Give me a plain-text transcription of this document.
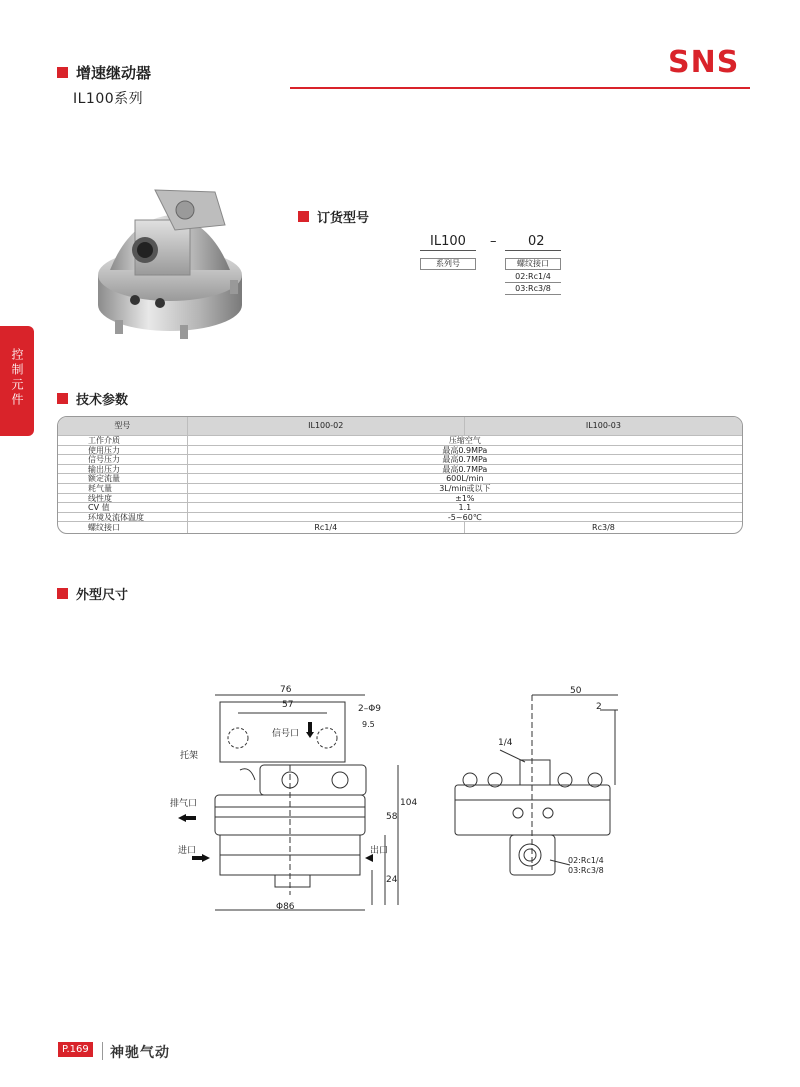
增速继动器
IL100系列
SNS
控制元件
订货型号
IL100 – 02
系列号	螺纹接口
02:Rc1/4
03:Rc3/8
技术参数
型号	IL100-02	IL100-03
工作介质	压缩空气
使用压力	最高0.9MPa
信号压力	最高0.7MPa
输出压力	最高0.7MPa
额定流量	600L/min
耗气量	3L/min或以下
线性度	±1%
CV 值	1.1
环境及流体温度	-5~60℃
螺纹接口	Rc1/4	Rc3/8
外型尺寸
76
57	2–Φ9
9.5
信号口
托架
排气口
进口	出口
104
58
24
Φ86
50
2
1/4
02:Rc1/4
03:Rc3/8
P.169 神驰气动
